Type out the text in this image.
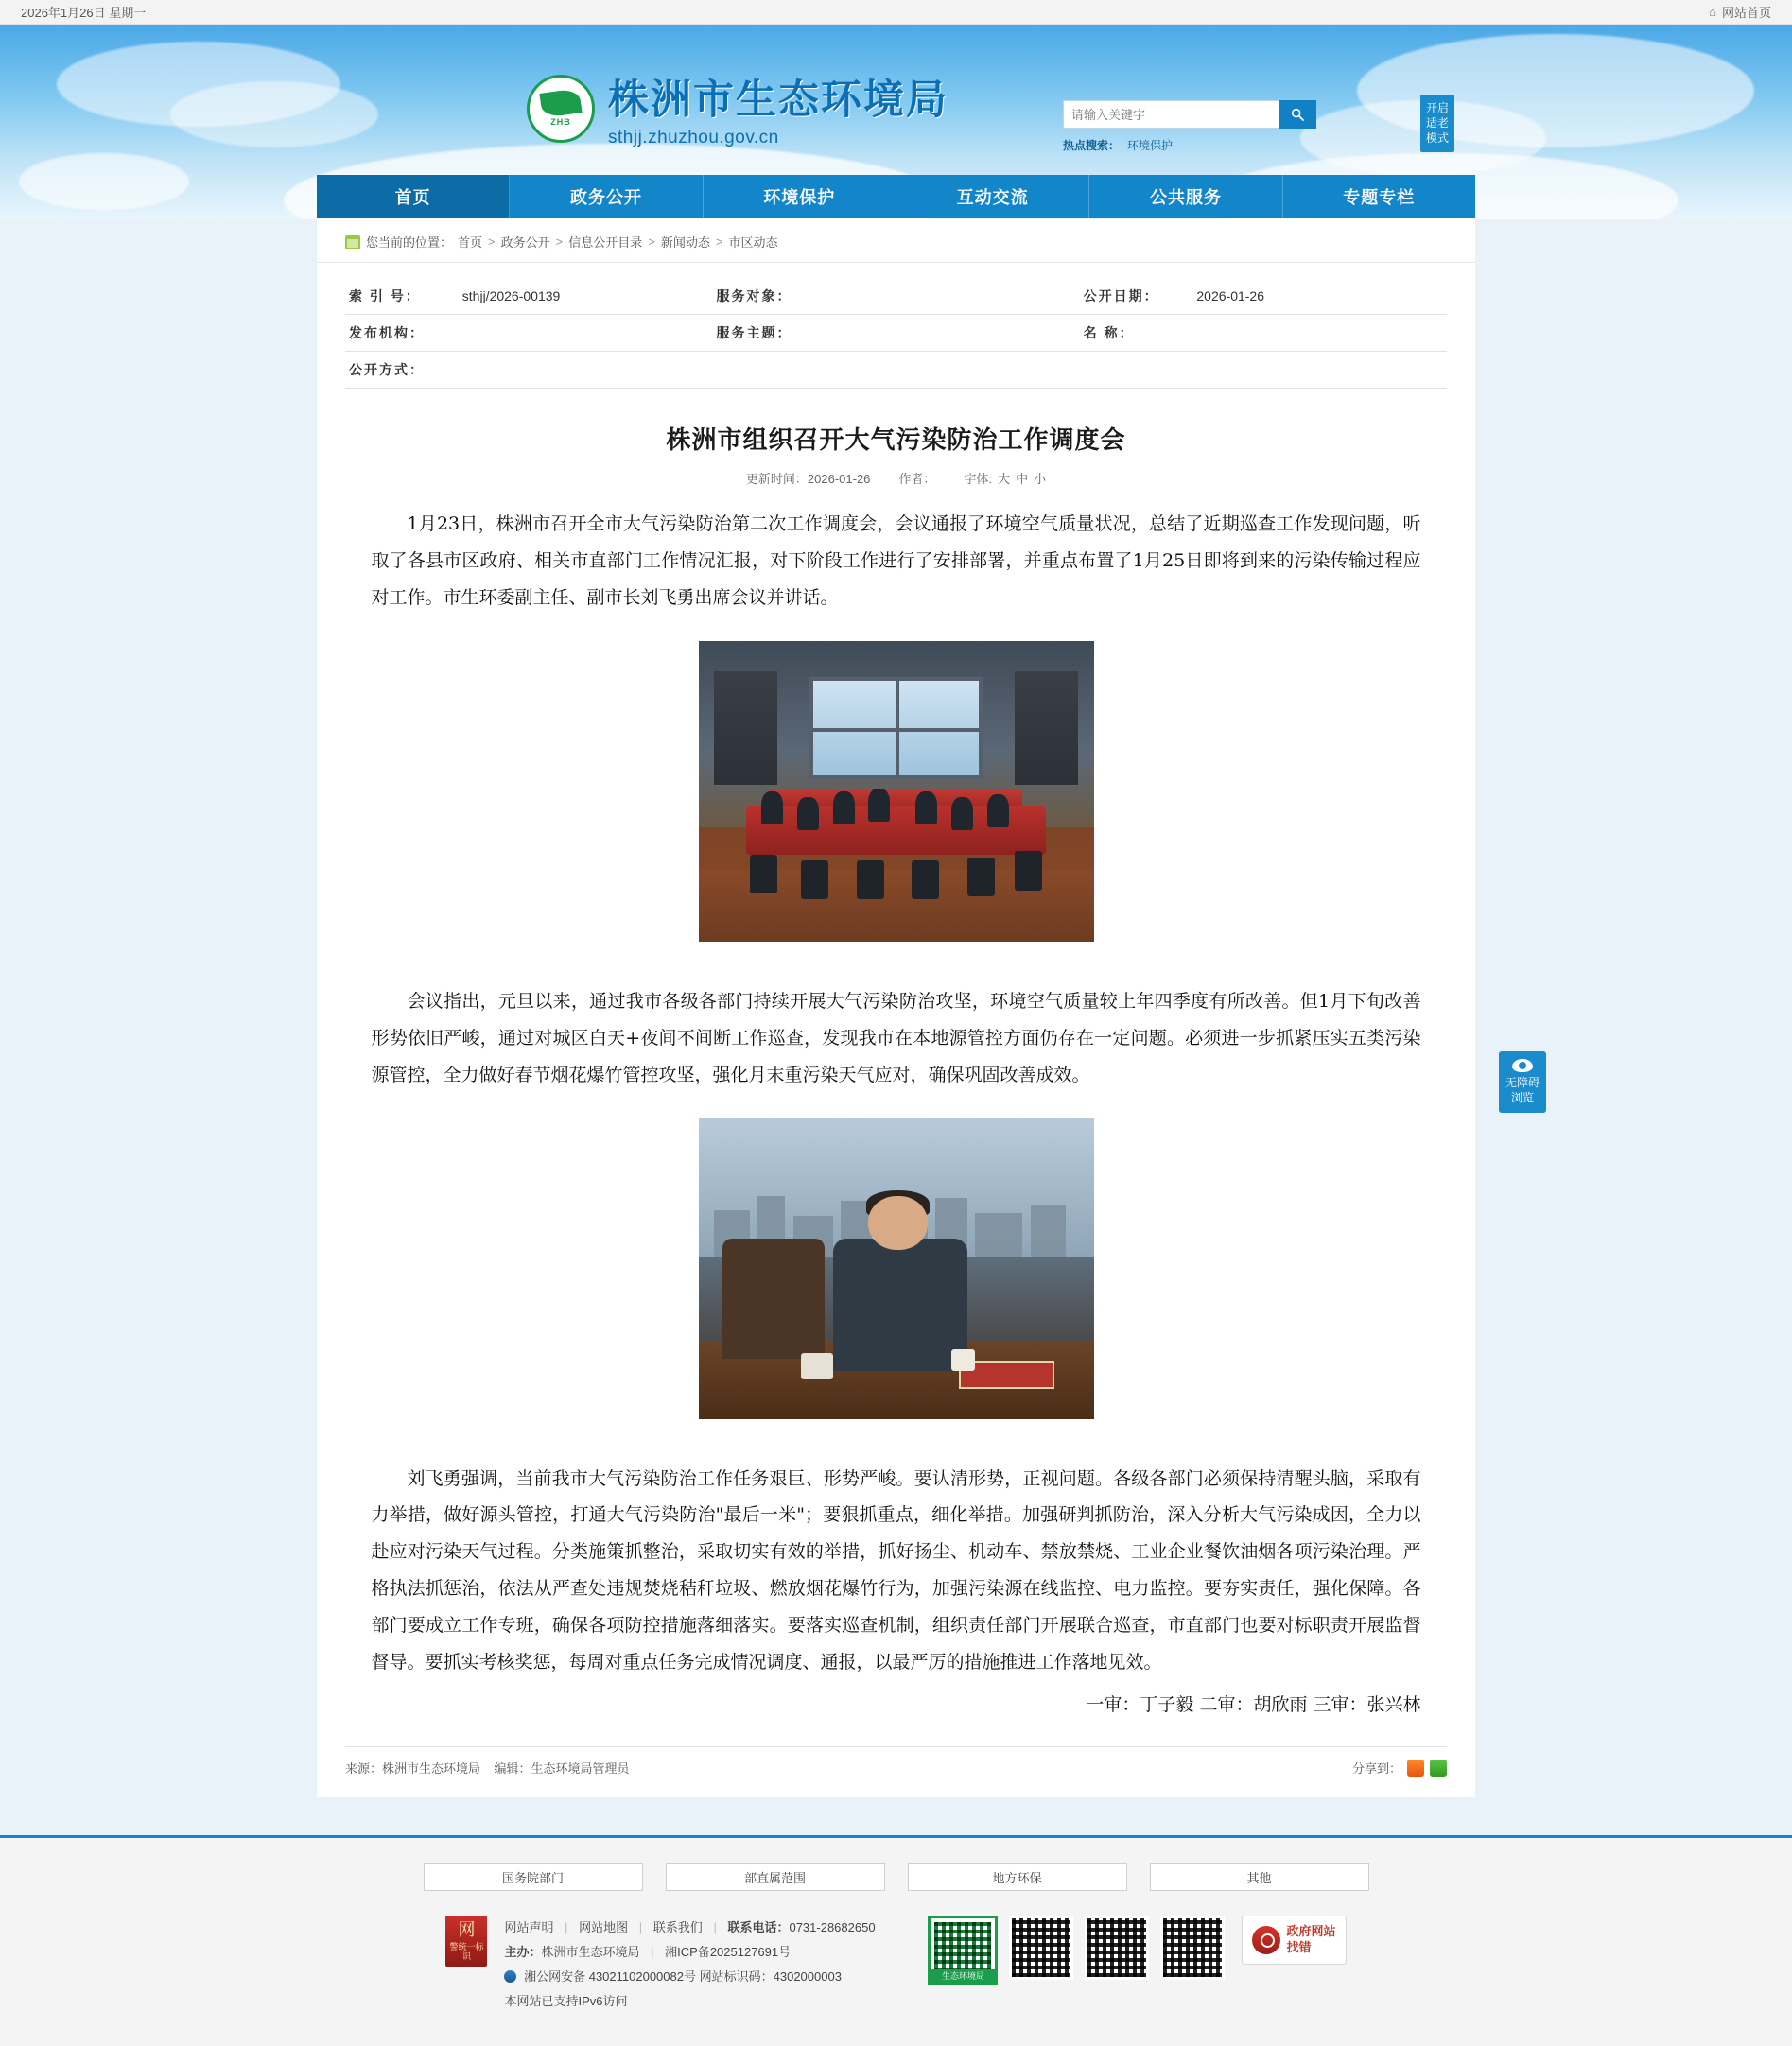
2026年1月26日 星期一	⌂ 网站首页
ZHB 株洲市生态环境局
sthjj.zhuzhou.gov.cn
请输入关键字	热点搜索： 环境保护
开启
适老
模式
首页	政务公开	环境保护	互动交流	公共服务	专题专栏
无障碍
浏览
您当前的位置： 首页 > 政务公开 > 信息公开目录 > 新闻动态 > 市区动态
索 引 号：	sthjj/2026-00139	服务对象：		公开日期：	2026-01-26
发布机构：		服务主题：		名 称：	
公开方式：					
株洲市组织召开大气污染防治工作调度会
更新时间：2026-01-26 作者： 字体: 大 中 小

1月23日，株洲市召开全市大气污染防治第二次工作调度会，会议通报了环境空气质量状况，总结了近期巡查工作发现问题，听取了各县市区政府、相关市直部门工作情况汇报，对下阶段工作进行了安排部署，并重点布置了1月25日即将到来的污染传输过程应对工作。市生环委副主任、副市长刘飞勇出席会议并讲话。

会议指出，元旦以来，通过我市各级各部门持续开展大气污染防治攻坚，环境空气质量较上年四季度有所改善。但1月下旬改善形势依旧严峻，通过对城区白天+夜间不间断工作巡查，发现我市在本地源管控方面仍存在一定问题。必须进一步抓紧压实五类污染源管控，全力做好春节烟花爆竹管控攻坚，强化月末重污染天气应对，确保巩固改善成效。

刘飞勇强调，当前我市大气污染防治工作任务艰巨、形势严峻。要认清形势，正视问题。各级各部门必须保持清醒头脑，采取有力举措，做好源头管控，打通大气污染防治"最后一米"；要狠抓重点，细化举措。加强研判抓防治，深入分析大气污染成因，全力以赴应对污染天气过程。分类施策抓整治，采取切实有效的举措，抓好扬尘、机动车、禁放禁烧、工业企业餐饮油烟各项污染治理。严格执法抓惩治，依法从严查处违规焚烧秸秆垃圾、燃放烟花爆竹行为，加强污染源在线监控、电力监控。要夯实责任，强化保障。各部门要成立工作专班，确保各项防控措施落细落实。要落实巡查机制，组织责任部门开展联合巡查，市直部门也要对标职责开展监督督导。要抓实考核奖惩，每周对重点任务完成情况调度、通报，以最严厉的措施推进工作落地见效。

一审：丁子毅 二审：胡欣雨 三审：张兴林

来源：株洲市生态环境局 编辑：生态环境局管理员	分享到：
国务院部门	部直属范围	地方环保	其他
网
警统一标识
网站声明 | 网站地图 | 联系我们 | 联系电话：0731-28682650
主办：株洲市生态环境局 | 湘ICP备2025127691号
湘公网安备 43021102000082号 网站标识码：4302000003
本网站已支持IPv6访问
生态环境局
政府网站
找错
